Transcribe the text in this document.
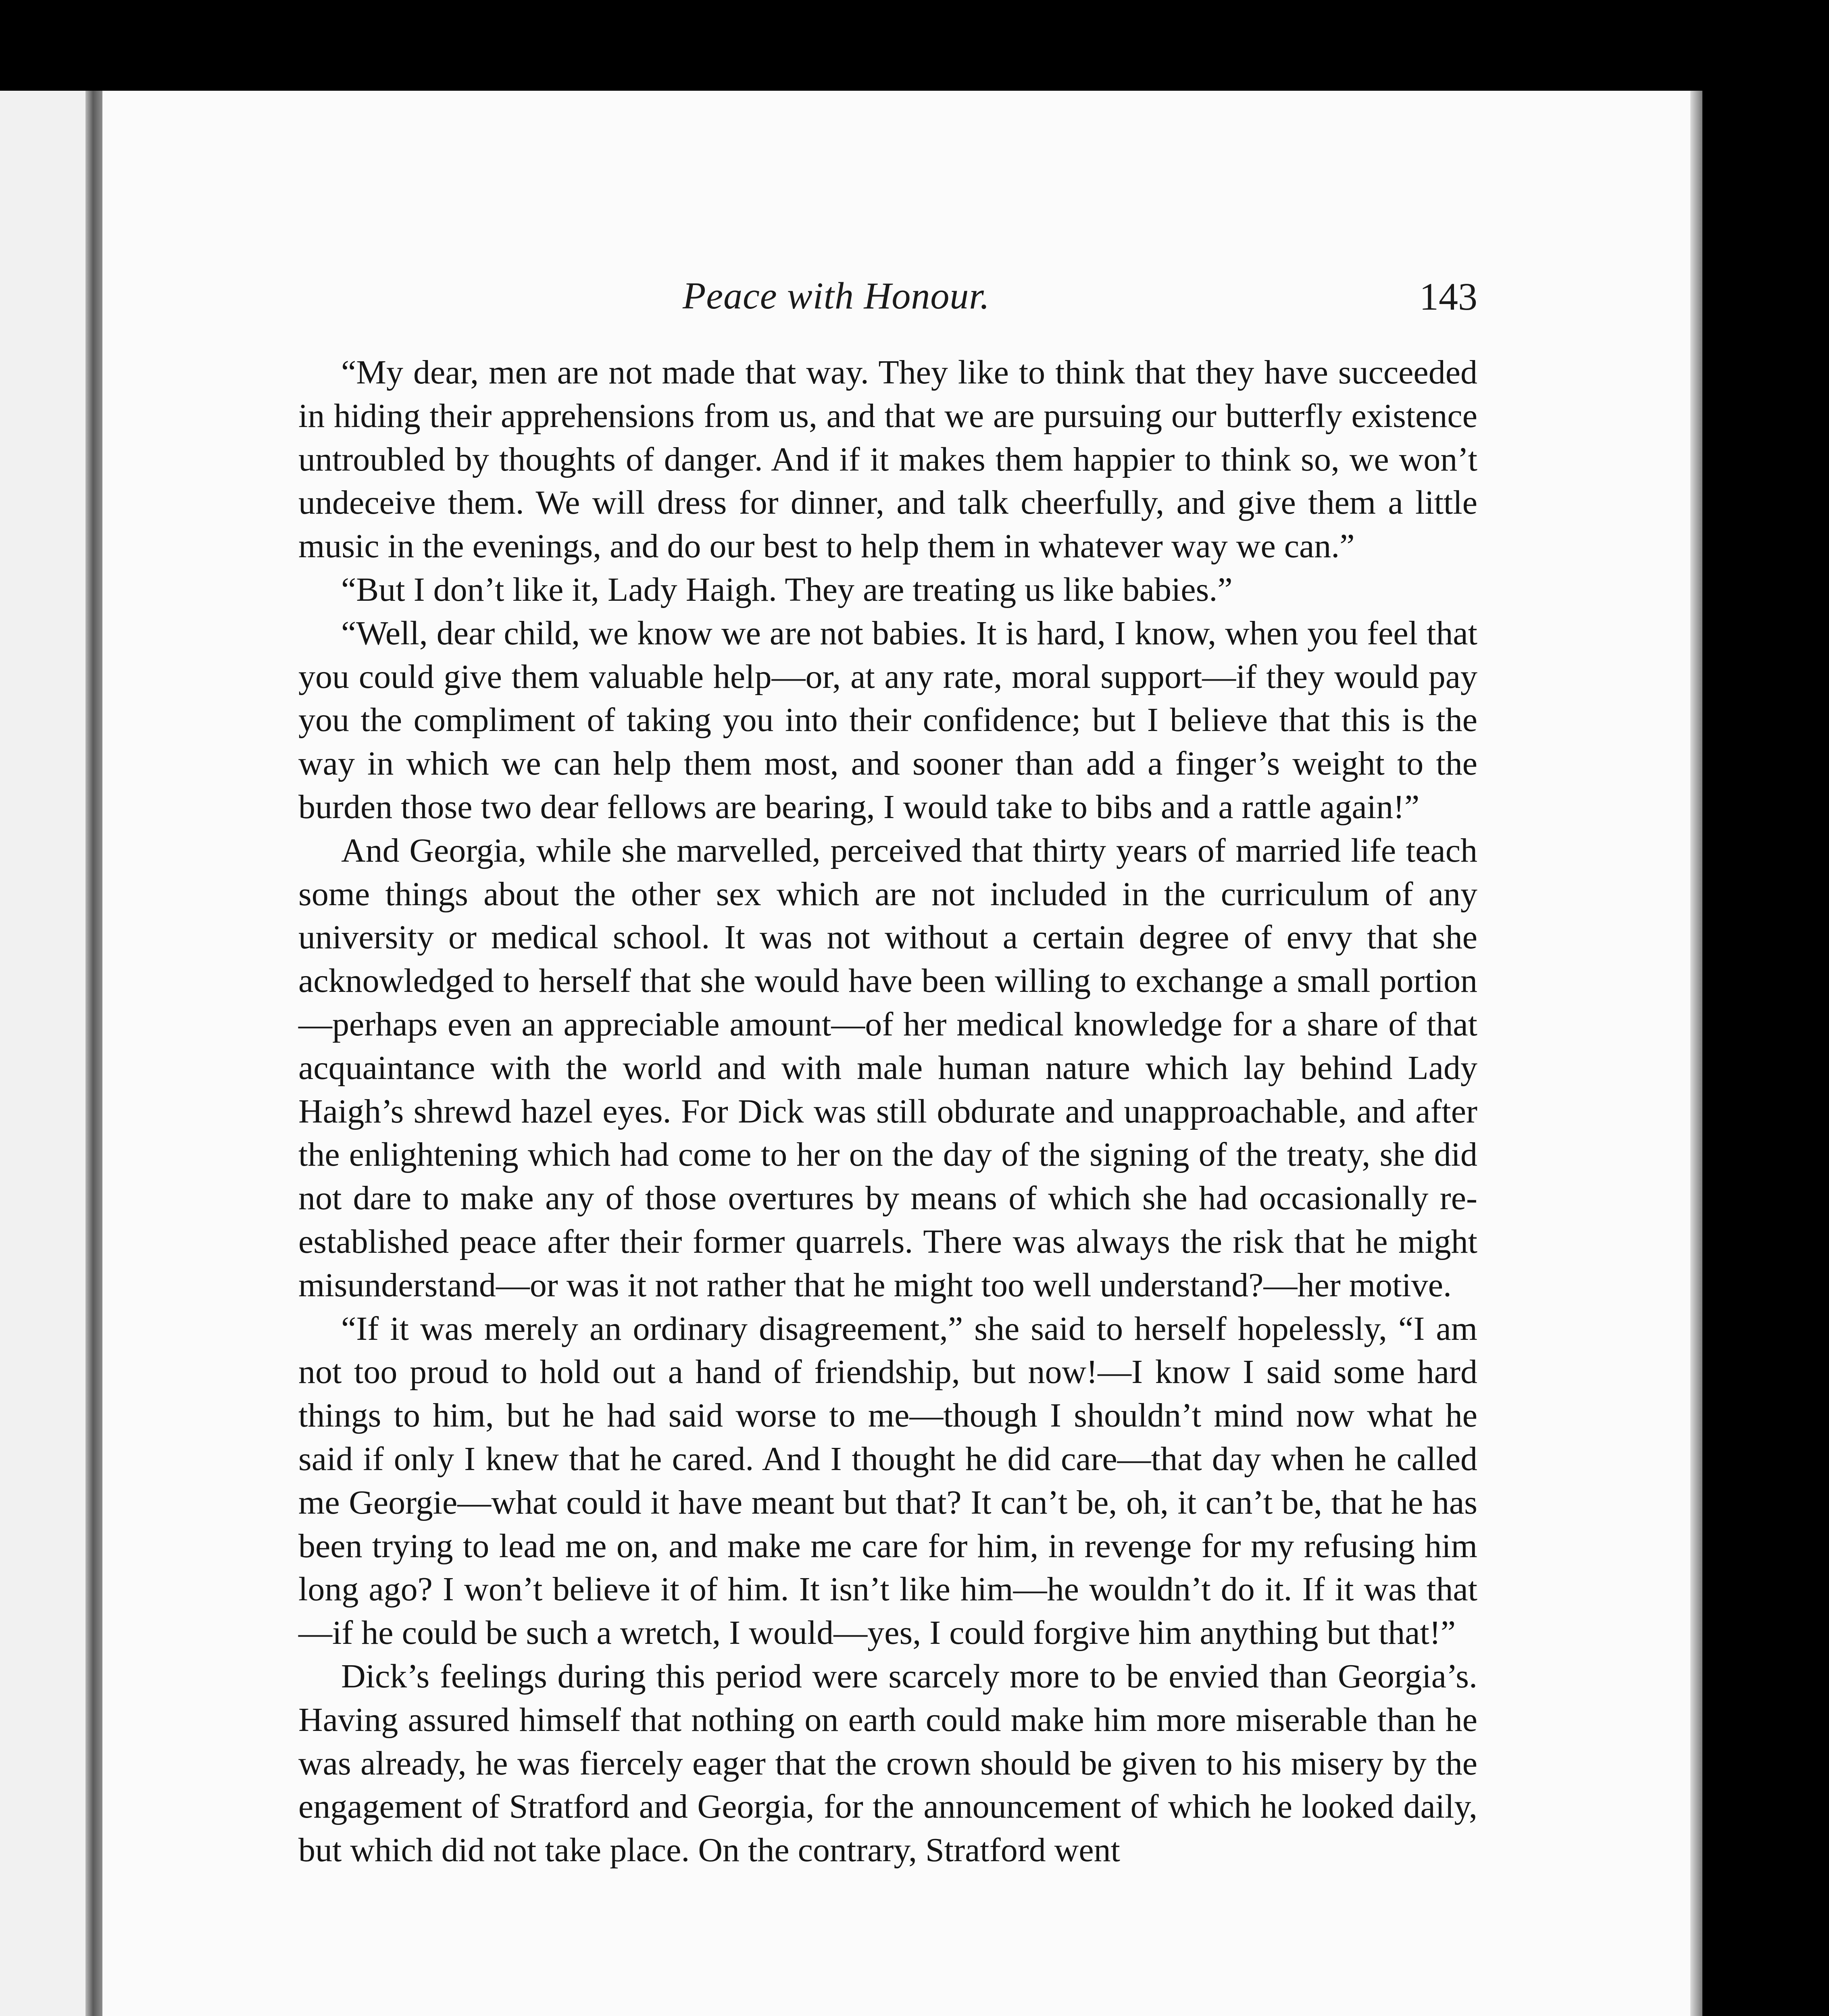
Peace with Honour.	143

“My dear, men are not made that way. They like to think that they have succeeded in hiding their apprehensions from us, and that we are pursuing our butterfly existence untroubled by thoughts of danger. And if it makes them happier to think so, we won’t undeceive them. We will dress for dinner, and talk cheerfully, and give them a little music in the evenings, and do our best to help them in whatever way we can.”

“But I don’t like it, Lady Haigh. They are treating us like babies.”

“Well, dear child, we know we are not babies. It is hard, I know, when you feel that you could give them valuable help—or, at any rate, moral support—if they would pay you the compliment of taking you into their confidence; but I believe that this is the way in which we can help them most, and sooner than add a finger’s weight to the burden those two dear fellows are bearing, I would take to bibs and a rattle again!”

And Georgia, while she marvelled, perceived that thirty years of married life teach some things about the other sex which are not included in the curriculum of any university or medical school. It was not without a certain degree of envy that she acknowledged to herself that she would have been willing to exchange a small portion —perhaps even an appreciable amount—of her medical knowledge for a share of that acquaintance with the world and with male human nature which lay behind Lady Haigh’s shrewd hazel eyes. For Dick was still obdurate and unapproachable, and after the enlightening which had come to her on the day of the signing of the treaty, she did not dare to make any of those overtures by means of which she had occasionally re-established peace after their former quarrels. There was always the risk that he might misunderstand—or was it not rather that he might too well understand?—her motive.

“If it was merely an ordinary disagreement,” she said to herself hopelessly, “I am not too proud to hold out a hand of friendship, but now!—I know I said some hard things to him, but he had said worse to me—though I shouldn’t mind now what he said if only I knew that he cared. And I thought he did care—that day when he called me Georgie—what could it have meant but that? It can’t be, oh, it can’t be, that he has been trying to lead me on, and make me care for him, in revenge for my refusing him long ago? I won’t believe it of him. It isn’t like him—he wouldn’t do it. If it was that—if he could be such a wretch, I would—yes, I could forgive him anything but that!”

Dick’s feelings during this period were scarcely more to be envied than Georgia’s. Having assured himself that nothing on earth could make him more miserable than he was already, he was fiercely eager that the crown should be given to his misery by the engagement of Stratford and Georgia, for the announcement of which he looked daily, but which did not take place. On the contrary, Stratford went
